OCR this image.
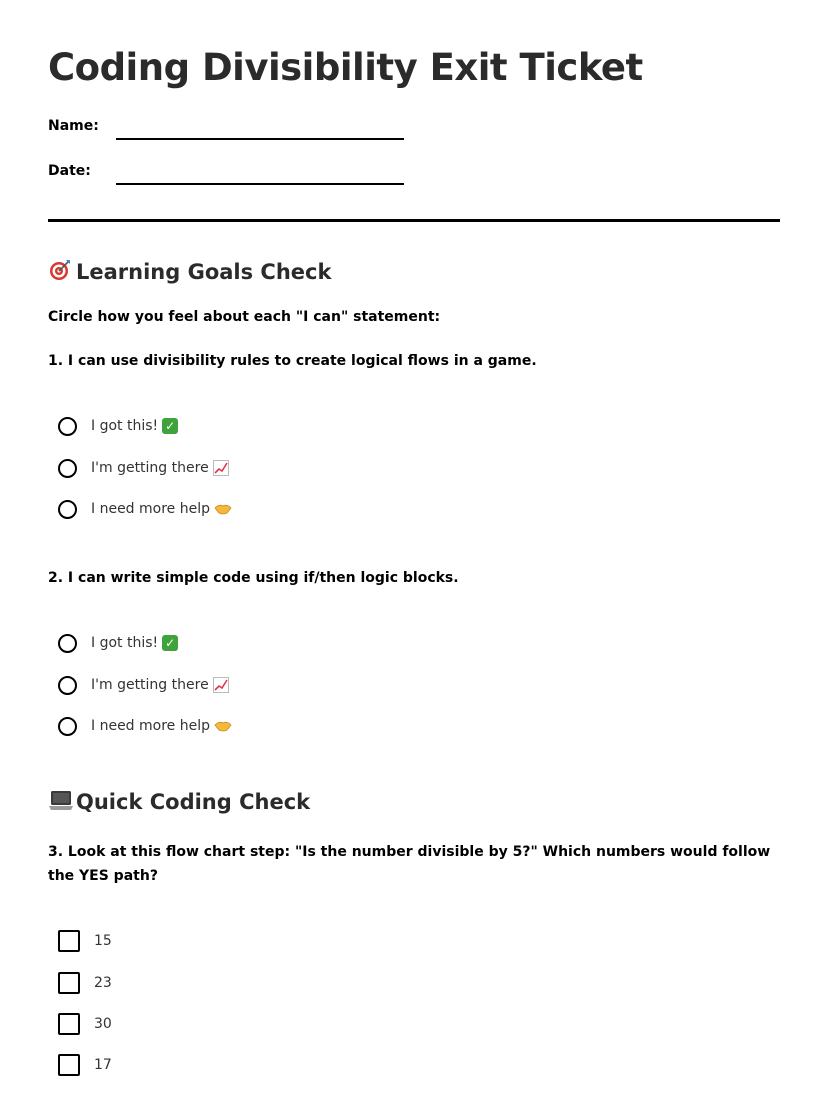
Coding Divisibility Exit Ticket
Name:
Date:
Learning Goals Check

Circle how you feel about each "I can" statement:

1. I can use divisibility rules to create logical flows in a game.

I got this! ✓
I'm getting there
I need more help

2. I can write simple code using if/then logic blocks.

I got this! ✓
I'm getting there
I need more help
Quick Coding Check

3. Look at this flow chart step: "Is the number divisible by 5?" Which numbers would follow the YES path?

15
23
30
17
